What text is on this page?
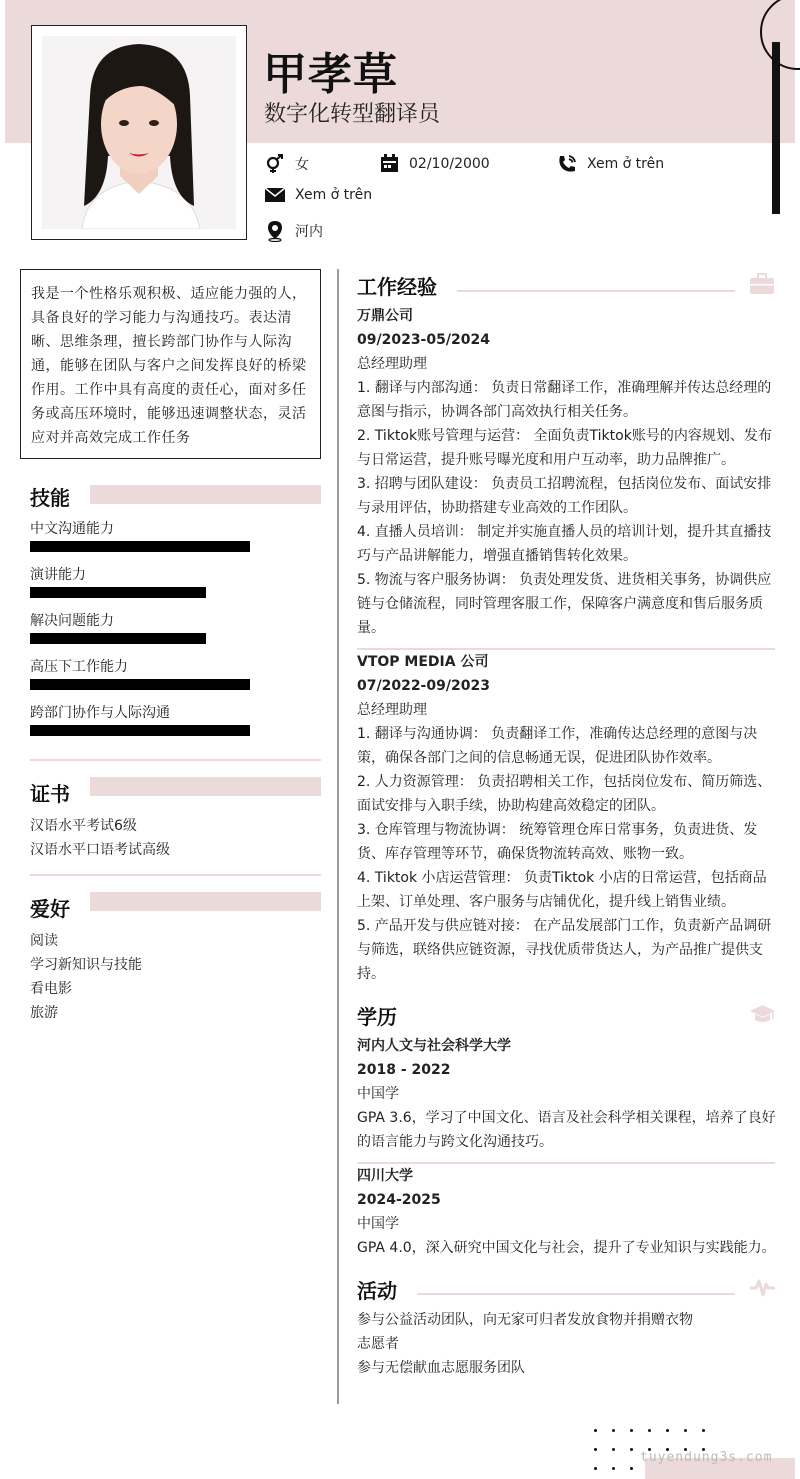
甲孝草
数字化转型翻译员
女	02/10/2000	Xem ở trên
Xem ở trên
河内
我是一个性格乐观积极、适应能力强的人，具备良好的学习能力与沟通技巧。表达清晰、思维条理，擅长跨部门协作与人际沟通，能够在团队与客户之间发挥良好的桥梁作用。工作中具有高度的责任心，面对多任务或高压环境时，能够迅速调整状态，灵活应对并高效完成工作任务
技能
中文沟通能力
演讲能力
解决问题能力
高压下工作能力
跨部门协作与人际沟通
证书
汉语水平考试6级
汉语水平口语考试高级
爱好
阅读
学习新知识与技能
看电影
旅游
工作经验
万鼎公司
09/2023-05/2024
总经理助理
1. 翻译与内部沟通： 负责日常翻译工作，准确理解并传达总经理的意图与指示，协调各部门高效执行相关任务。
2. Tiktok账号管理与运营： 全面负责Tiktok账号的内容规划、发布与日常运营，提升账号曝光度和用户互动率，助力品牌推广。
3. 招聘与团队建设： 负责员工招聘流程，包括岗位发布、面试安排与录用评估，协助搭建专业高效的工作团队。
4. 直播人员培训： 制定并实施直播人员的培训计划，提升其直播技巧与产品讲解能力，增强直播销售转化效果。
5. 物流与客户服务协调： 负责处理发货、进货相关事务，协调供应链与仓储流程，同时管理客服工作，保障客户满意度和售后服务质量。
VTOP MEDIA 公司
07/2022-09/2023
总经理助理
1. 翻译与沟通协调： 负责翻译工作，准确传达总经理的意图与决策，确保各部门之间的信息畅通无误，促进团队协作效率。
2. 人力资源管理： 负责招聘相关工作，包括岗位发布、简历筛选、面试安排与入职手续，协助构建高效稳定的团队。
3. 仓库管理与物流协调： 统筹管理仓库日常事务，负责进货、发货、库存管理等环节，确保货物流转高效、账物一致。
4. Tiktok 小店运营管理： 负责Tiktok 小店的日常运营，包括商品上架、订单处理、客户服务与店铺优化，提升线上销售业绩。
5. 产品开发与供应链对接： 在产品发展部门工作，负责新产品调研与筛选，联络供应链资源，寻找优质带货达人，为产品推广提供支持。
学历
河内人文与社会科学大学
2018 - 2022
中国学
GPA 3.6，学习了中国文化、语言及社会科学相关课程，培养了良好的语言能力与跨文化沟通技巧。
四川大学
2024-2025
中国学
GPA 4.0，深入研究中国文化与社会，提升了专业知识与实践能力。
活动
参与公益活动团队，向无家可归者发放食物并捐赠衣物
志愿者
参与无偿献血志愿服务团队
tuyendung3s.com
